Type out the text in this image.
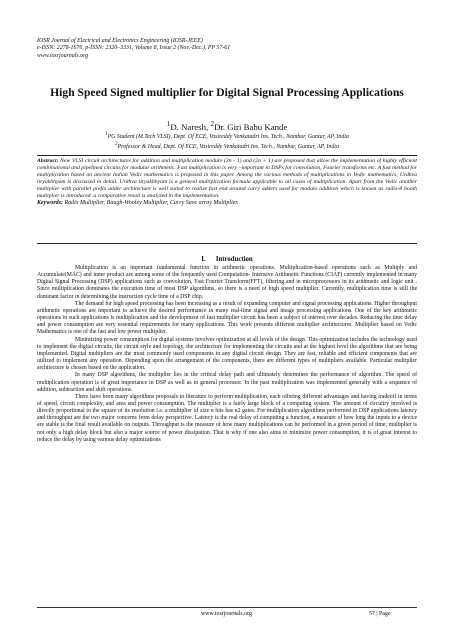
IOSR Journal of Electrical and Electronics Engineering (IOSR-JEEE)
e-ISSN: 2278-1676, p-ISSN: 2320–3331, Volume 8, Issue 2 (Nov.-Dec.), PP 57-61
www.iosrjournals.org
High Speed Signed multiplier for Digital Signal Processing Applications
$^1$D. Naresh, $^2$Dr. Giri Babu Kande
$^1$PG Student (M.Tech VLSI), Dept. Of ECE, Vasireddy Venkatadri Ins. Tech., Nambur, Guntur, AP, India
$^2$Professor & Head, Dept. Of ECE, Vasireddy Venkatadri Ins. Tech., Nambur, Guntur, AP, India
Abstract: New VLSI circuit architectures for addition and multiplication modulo (2n - 1) and (2n + 1) are proposed that allow the implementation of highly efficient combinational and pipelined circuits for modular arithmetic. Fast multiplication is very –important in DSPs for convolution, Fourier transforms etc. A fast method for multiplication based on ancient Indian Vedic mathematics is proposed in this paper. Among the various methods of multiplications in Vedic mathematics, Urdhva tiryakbhyam is discussed in detail. Urdhva tiryakbhyam is a general multiplication formula applicable to all cases of multiplication. Apart from the Vedic another multiplier with parallel prefix adder architecture is well suited to realize fast end around carry adders used for modulo addition which is known as radix-8 booth multiplier is introduced .a comparative result is analyzed in the implementation.
Keywords: Radix Multiplier, Baugh-Wooley Multiplier, Carry Save array Multiplier.
I. Introduction

Multiplication is an important fundamental function in arithmetic operations. Multiplication-based operations such as Multiply and Accumulate(MAC) and inner product are among some of the frequently used Computation- Intensive Arithmetic Functions (CIAF) currently implemented in many Digital Signal Processing (DSP) applications such as convolution, Fast Fourier Transform(FFT), filtering and in microprocessors in its arithmetic and logic unit . Since multiplication dominates the execution time of most DSP algorithms, so there is a need of high speed multiplier. Currently, multiplication time is still the dominant factor in determining the instruction cycle time of a DSP chip.

The demand for high speed processing has been increasing as a result of expanding computer and signal processing applications. Higher throughput arithmetic operations are important to achieve the desired performance in many real-time signal and image processing applications. One of the key arithmetic operations in such applications is multiplication and the development of fast multiplier circuit has been a subject of interest over decades. Reducing the time delay and power consumption are very essential requirements for many applications. This work presents different multiplier architectures. Multiplier based on Vedic Mathematics is one of the fast and low power multiplier.

Minimizing power consumption for digital systems involves optimization at all levels of the design. This optimization includes the technology used to implement the digital circuits, the circuit style and topology, the architecture for implementing the circuits and at the highest level the algorithms that are being implemented. Digital multipliers are the most commonly used components in any digital circuit design. They are fast, reliable and efficient components that are utilized to implement any operation. Depending upon the arrangement of the components, there are different types of multipliers available. Particular multiplier architecture is chosen based on the application.

In many DSP algorithms, the multiplier lies in the critical delay path and ultimately determines the performance of algorithm. The speed of multiplication operation is of great importance in DSP as well as in general processor. In the past multiplication was implemented generally with a sequence of addition, subtraction and shift operations.

There have been many algorithms proposals in literature to perform multiplication, each offering different advantages and having tradeoff in terms of speed, circuit complexity, and area and power consumption. The multiplier is a fairly large block of a computing system. The amount of circuitry involved is directly proportional to the square of its resolution i.e. a multiplier of size n bits has n2 gates. For multiplication algorithms performed in DSP applications latency and throughput are the two major concerns from delay perspective. Latency is the real delay of computing a function, a measure of how long the inputs to a device are stable is the final result available on outputs. Throughput is the measure of how many multiplications can be performed in a given period of time; multiplier is not only a high delay block but also a major source of power dissipation. That is why if one also aims to minimize power consumption, it is of great interest to reduce the delay by using various delay optimizations

www.iosrjournals.org	57 | Page
